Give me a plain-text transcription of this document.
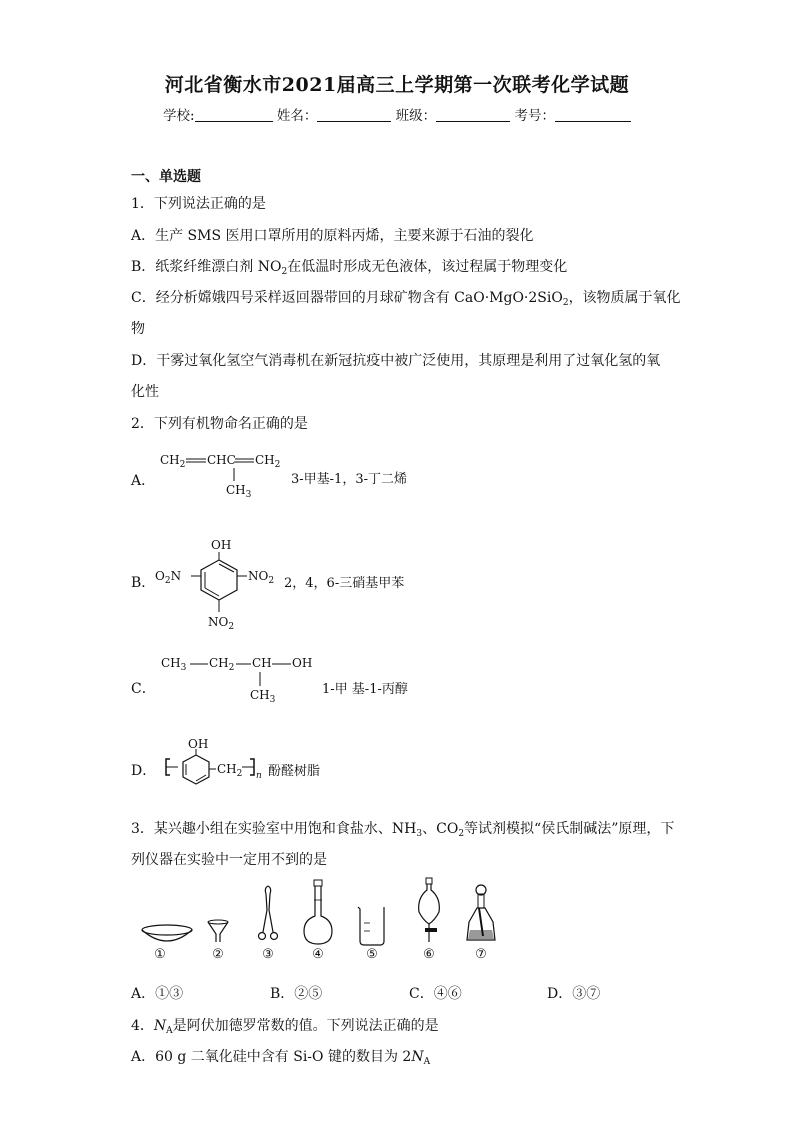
河北省衡水市2021届高三上学期第一次联考化学试题
学校:	姓名：	班级：	考号：
一、单选题
1．下列说法正确的是
A．生产 SMS 医用口罩所用的原料丙烯，主要来源于石油的裂化
B．纸浆纤维漂白剂 $NO_2$在低温时形成无色液体，该过程属于物理变化
C．经分析嫦娥四号采样返回器带回的月球矿物含有 CaO·MgO·2SiO$_2$，该物质属于氧化
物
D．干雾过氧化氢空气消毒机在新冠抗疫中被广泛使用，其原理是利用了过氧化氢的氧
化性
2．下列有机物命名正确的是
A．
$CH_2$ CHC $CH_2$
$CH_3$
3-甲基-1，3-丁二烯
B．
OH
$O_2N$	$NO_2$
$NO_2$
2，4，6-三硝基甲苯
C．
$CH_3$ $CH_2$ CH OH
$CH_3$
1-甲 基-1-丙醇
D．
OH
$CH_2$ n 酚醛树脂
3．某兴趣小组在实验室中用饱和食盐水、$NH_3$、$CO_2$等试剂模拟“侯氏制碱法”原理，下
列仪器在实验中一定用不到的是
①	②	③	④	⑤	⑥	⑦
A．①③	B．②⑤	C．④⑥	D．③⑦
4．$N_A$是阿伏加德罗常数的值。下列说法正确的是
A．60 g 二氧化硅中含有 Si-O 键的数目为 $2N_A$
